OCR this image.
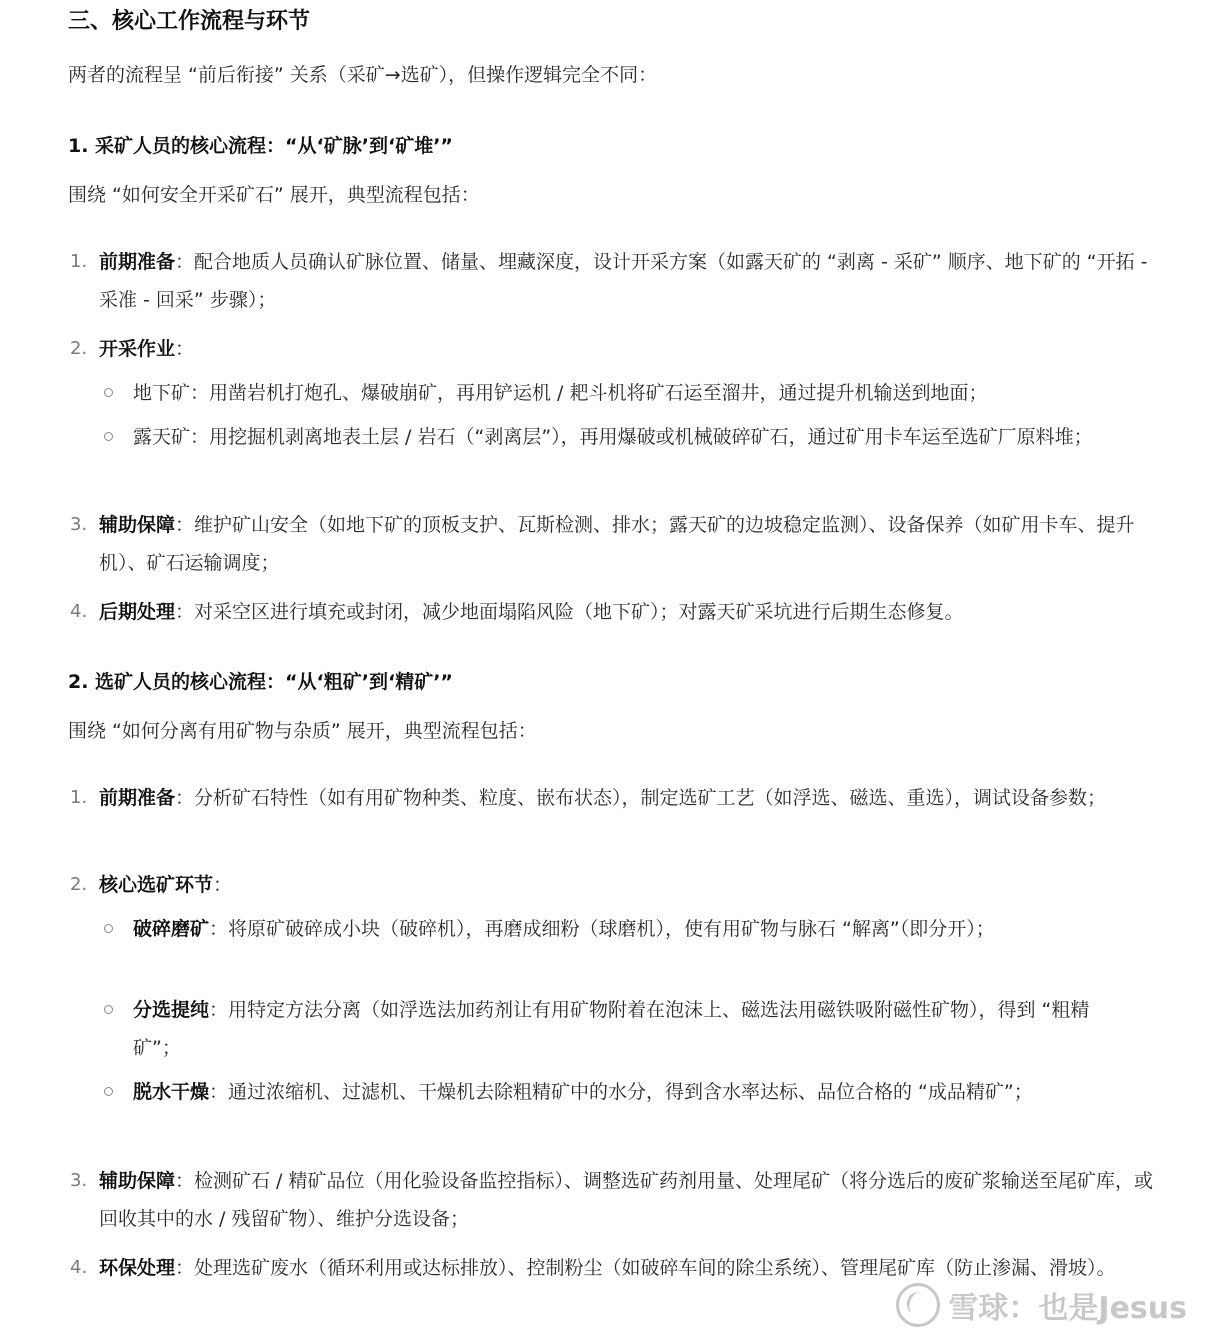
三、核心工作流程与环节

两者的流程呈 “前后衔接” 关系（采矿→选矿），但操作逻辑完全不同：

1. 采矿人员的核心流程：“从‘矿脉’到‘矿堆’”

围绕 “如何安全开采矿石” 展开，典型流程包括：

1. 前期准备：配合地质人员确认矿脉位置、储量、埋藏深度，设计开采方案（如露天矿的 “剥离 - 采矿” 顺序、地下矿的 “开拓 - 采准 - 回采” 步骤）；
2. 开采作业：
地下矿：用凿岩机打炮孔、爆破崩矿，再用铲运机 / 耙斗机将矿石运至溜井，通过提升机输送到地面；
露天矿：用挖掘机剥离地表土层 / 岩石（“剥离层”），再用爆破或机械破碎矿石，通过矿用卡车运至选矿厂原料堆；
3. 辅助保障：维护矿山安全（如地下矿的顶板支护、瓦斯检测、排水；露天矿的边坡稳定监测）、设备保养（如矿用卡车、提升机）、矿石运输调度；
4. 后期处理：对采空区进行填充或封闭，减少地面塌陷风险（地下矿）；对露天矿采坑进行后期生态修复。
2. 选矿人员的核心流程：“从‘粗矿’到‘精矿’”

围绕 “如何分离有用矿物与杂质” 展开，典型流程包括：

1. 前期准备：分析矿石特性（如有用矿物种类、粒度、嵌布状态），制定选矿工艺（如浮选、磁选、重选），调试设备参数；
2. 核心选矿环节：
破碎磨矿：将原矿破碎成小块（破碎机），再磨成细粉（球磨机），使有用矿物与脉石 “解离”（即分开）；
分选提纯：用特定方法分离（如浮选法加药剂让有用矿物附着在泡沫上、磁选法用磁铁吸附磁性矿物），得到 “粗精矿”；
脱水干燥：通过浓缩机、过滤机、干燥机去除粗精矿中的水分，得到含水率达标、品位合格的 “成品精矿”；
3. 辅助保障：检测矿石 / 精矿品位（用化验设备监控指标）、调整选矿药剂用量、处理尾矿（将分选后的废矿浆输送至尾矿库，或回收其中的水 / 残留矿物）、维护分选设备；
4. 环保处理：处理选矿废水（循环利用或达标排放）、控制粉尘（如破碎车间的除尘系统）、管理尾矿库（防止渗漏、滑坡）。
雪球：也是Jesus
